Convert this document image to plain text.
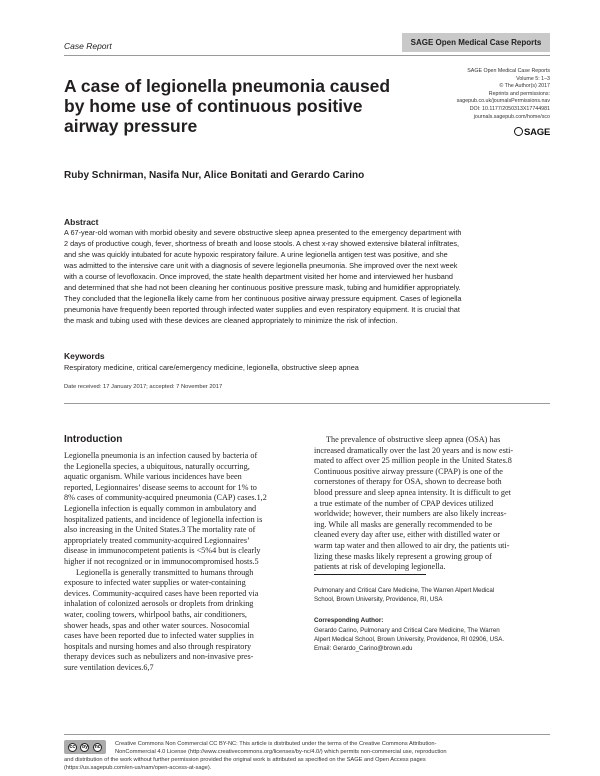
Case Report	SAGE Open Medical Case Reports
SAGE Open Medical Case Reports
Volume 5: 1–3
© The Author(s) 2017
Reprints and permissions:
sagepub.co.uk/journalsPermissions.nav
DOI: 10.1177/2050313X17744981
journals.sagepub.com/home/sco
SAGE
A case of legionella pneumonia caused
by home use of continuous positive
airway pressure
Ruby Schnirman, Nasifa Nur, Alice Bonitati and Gerardo Carino
Abstract
A 67-year-old woman with morbid obesity and severe obstructive sleep apnea presented to the emergency department with
2 days of productive cough, fever, shortness of breath and loose stools. A chest x-ray showed extensive bilateral infiltrates,
and she was quickly intubated for acute hypoxic respiratory failure. A urine legionella antigen test was positive, and she
was admitted to the intensive care unit with a diagnosis of severe legionella pneumonia. She improved over the next week
with a course of levofloxacin. Once improved, the state health department visited her home and interviewed her husband
and determined that she had not been cleaning her continuous positive pressure mask, tubing and humidifier appropriately.
They concluded that the legionella likely came from her continuous positive airway pressure equipment. Cases of legionella
pneumonia have frequently been reported through infected water supplies and even respiratory equipment. It is crucial that
the mask and tubing used with these devices are cleaned appropriately to minimize the risk of infection.
Keywords
Respiratory medicine, critical care/emergency medicine, legionella, obstructive sleep apnea
Date received: 17 January 2017; accepted: 7 November 2017
Introduction
Legionella pneumonia is an infection caused by bacteria of
the Legionella species, a ubiquitous, naturally occurring,
aquatic organism. While various incidences have been
reported, Legionnaires’ disease seems to account for 1% to
8% cases of community-acquired pneumonia (CAP) cases.1,2
Legionella infection is equally common in ambulatory and
hospitalized patients, and incidence of legionella infection is
also increasing in the United States.3 The mortality rate of
appropriately treated community-acquired Legionnaires’
disease in immunocompetent patients is <5%4 but is clearly
higher if not recognized or in immunocompromised hosts.5
Legionella is generally transmitted to humans through
exposure to infected water supplies or water-containing
devices. Community-acquired cases have been reported via
inhalation of colonized aerosols or droplets from drinking
water, cooling towers, whirlpool baths, air conditioners,
shower heads, spas and other water sources. Nosocomial
cases have been reported due to infected water supplies in
hospitals and nursing homes and also through respiratory
therapy devices such as nebulizers and non-invasive pres-
sure ventilation devices.6,7
The prevalence of obstructive sleep apnea (OSA) has
increased dramatically over the last 20 years and is now esti-
mated to affect over 25 million people in the United States.8
Continuous positive airway pressure (CPAP) is one of the
cornerstones of therapy for OSA, shown to decrease both
blood pressure and sleep apnea intensity. It is difficult to get
a true estimate of the number of CPAP devices utilized
worldwide; however, their numbers are also likely increas-
ing. While all masks are generally recommended to be
cleaned every day after use, either with distilled water or
warm tap water and then allowed to air dry, the patients uti-
lizing these masks likely represent a growing group of
patients at risk of developing legionella.
Pulmonary and Critical Care Medicine, The Warren Alpert Medical
School, Brown University, Providence, RI, USA
Corresponding Author:
Gerardo Carino, Pulmonary and Critical Care Medicine, The Warren
Alpert Medical School, Brown University, Providence, RI 02906, USA.
Email: Gerardo_Carino@brown.edu
cc	by	nc	Creative Commons Non Commercial CC BY-NC: This article is distributed under the terms of the Creative Commons Attribution-
NonCommercial 4.0 License (http://www.creativecommons.org/licenses/by-nc/4.0/) which permits non-commercial use, reproduction
and distribution of the work without further permission provided the original work is attributed as specified on the SAGE and Open Access pages
(https://us.sagepub.com/en-us/nam/open-access-at-sage).
